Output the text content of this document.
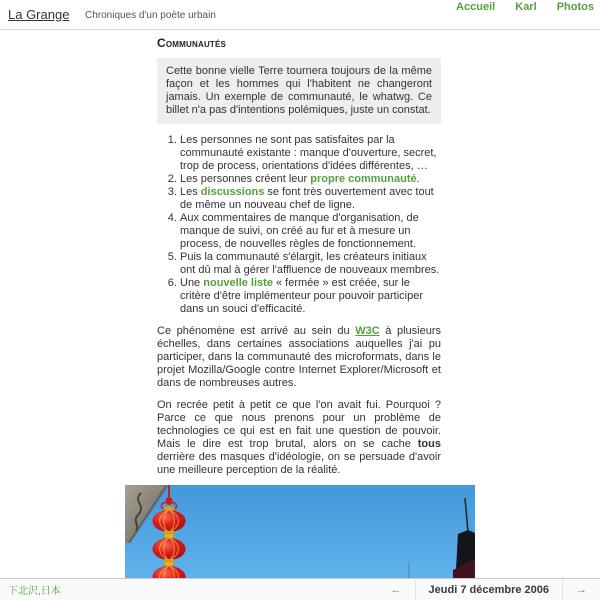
La Grange Chroniques d'un poète urbain
Accueil Karl Photos
Communautés
Cette bonne vielle Terre tournera toujours de la même façon et les hommes qui l'habitent ne changeront jamais. Un exemple de communauté, le whatwg. Ce billet n'a pas d'intentions polémiques, juste un constat.
1. Les personnes ne sont pas satisfaites par la communauté existante : manque d'ouverture, secret, trop de process, orientations d'idées différentes, …
2. Les personnes créent leur propre communauté.
3. Les discussions se font très ouvertement avec tout de même un nouveau chef de ligne.
4. Aux commentaires de manque d'organisation, de manque de suivi, on créé au fur et à mesure un process, de nouvelles règles de fonctionnement.
5. Puis la communauté s'élargit, les créateurs initiaux ont dû mal à gérer l'affluence de nouveaux membres.
6. Une nouvelle liste « fermée » est créée, sur le critère d'être implémenteur pour pouvoir participer dans un souci d'efficacité.

Ce phénomène est arrivé au sein du W3C à plusieurs échelles, dans certaines associations auquelles j'ai pu participer, dans la communauté des microformats, dans le projet Mozilla/Google contre Internet Explorer/Microsoft et dans de nombreuses autres.

On recrée petit à petit ce que l'on avait fui. Pourquoi ? Parce ce que nous prenons pour un problème de technologies ce qui est en fait une question de pouvoir. Mais le dire est trop brutal, alors on se cache tous derrière des masques d'idéologie, on se persuade d'avoir une meilleure perception de la réalité.

下北沢,日本	← Jeudi 7 décembre 2006 →
